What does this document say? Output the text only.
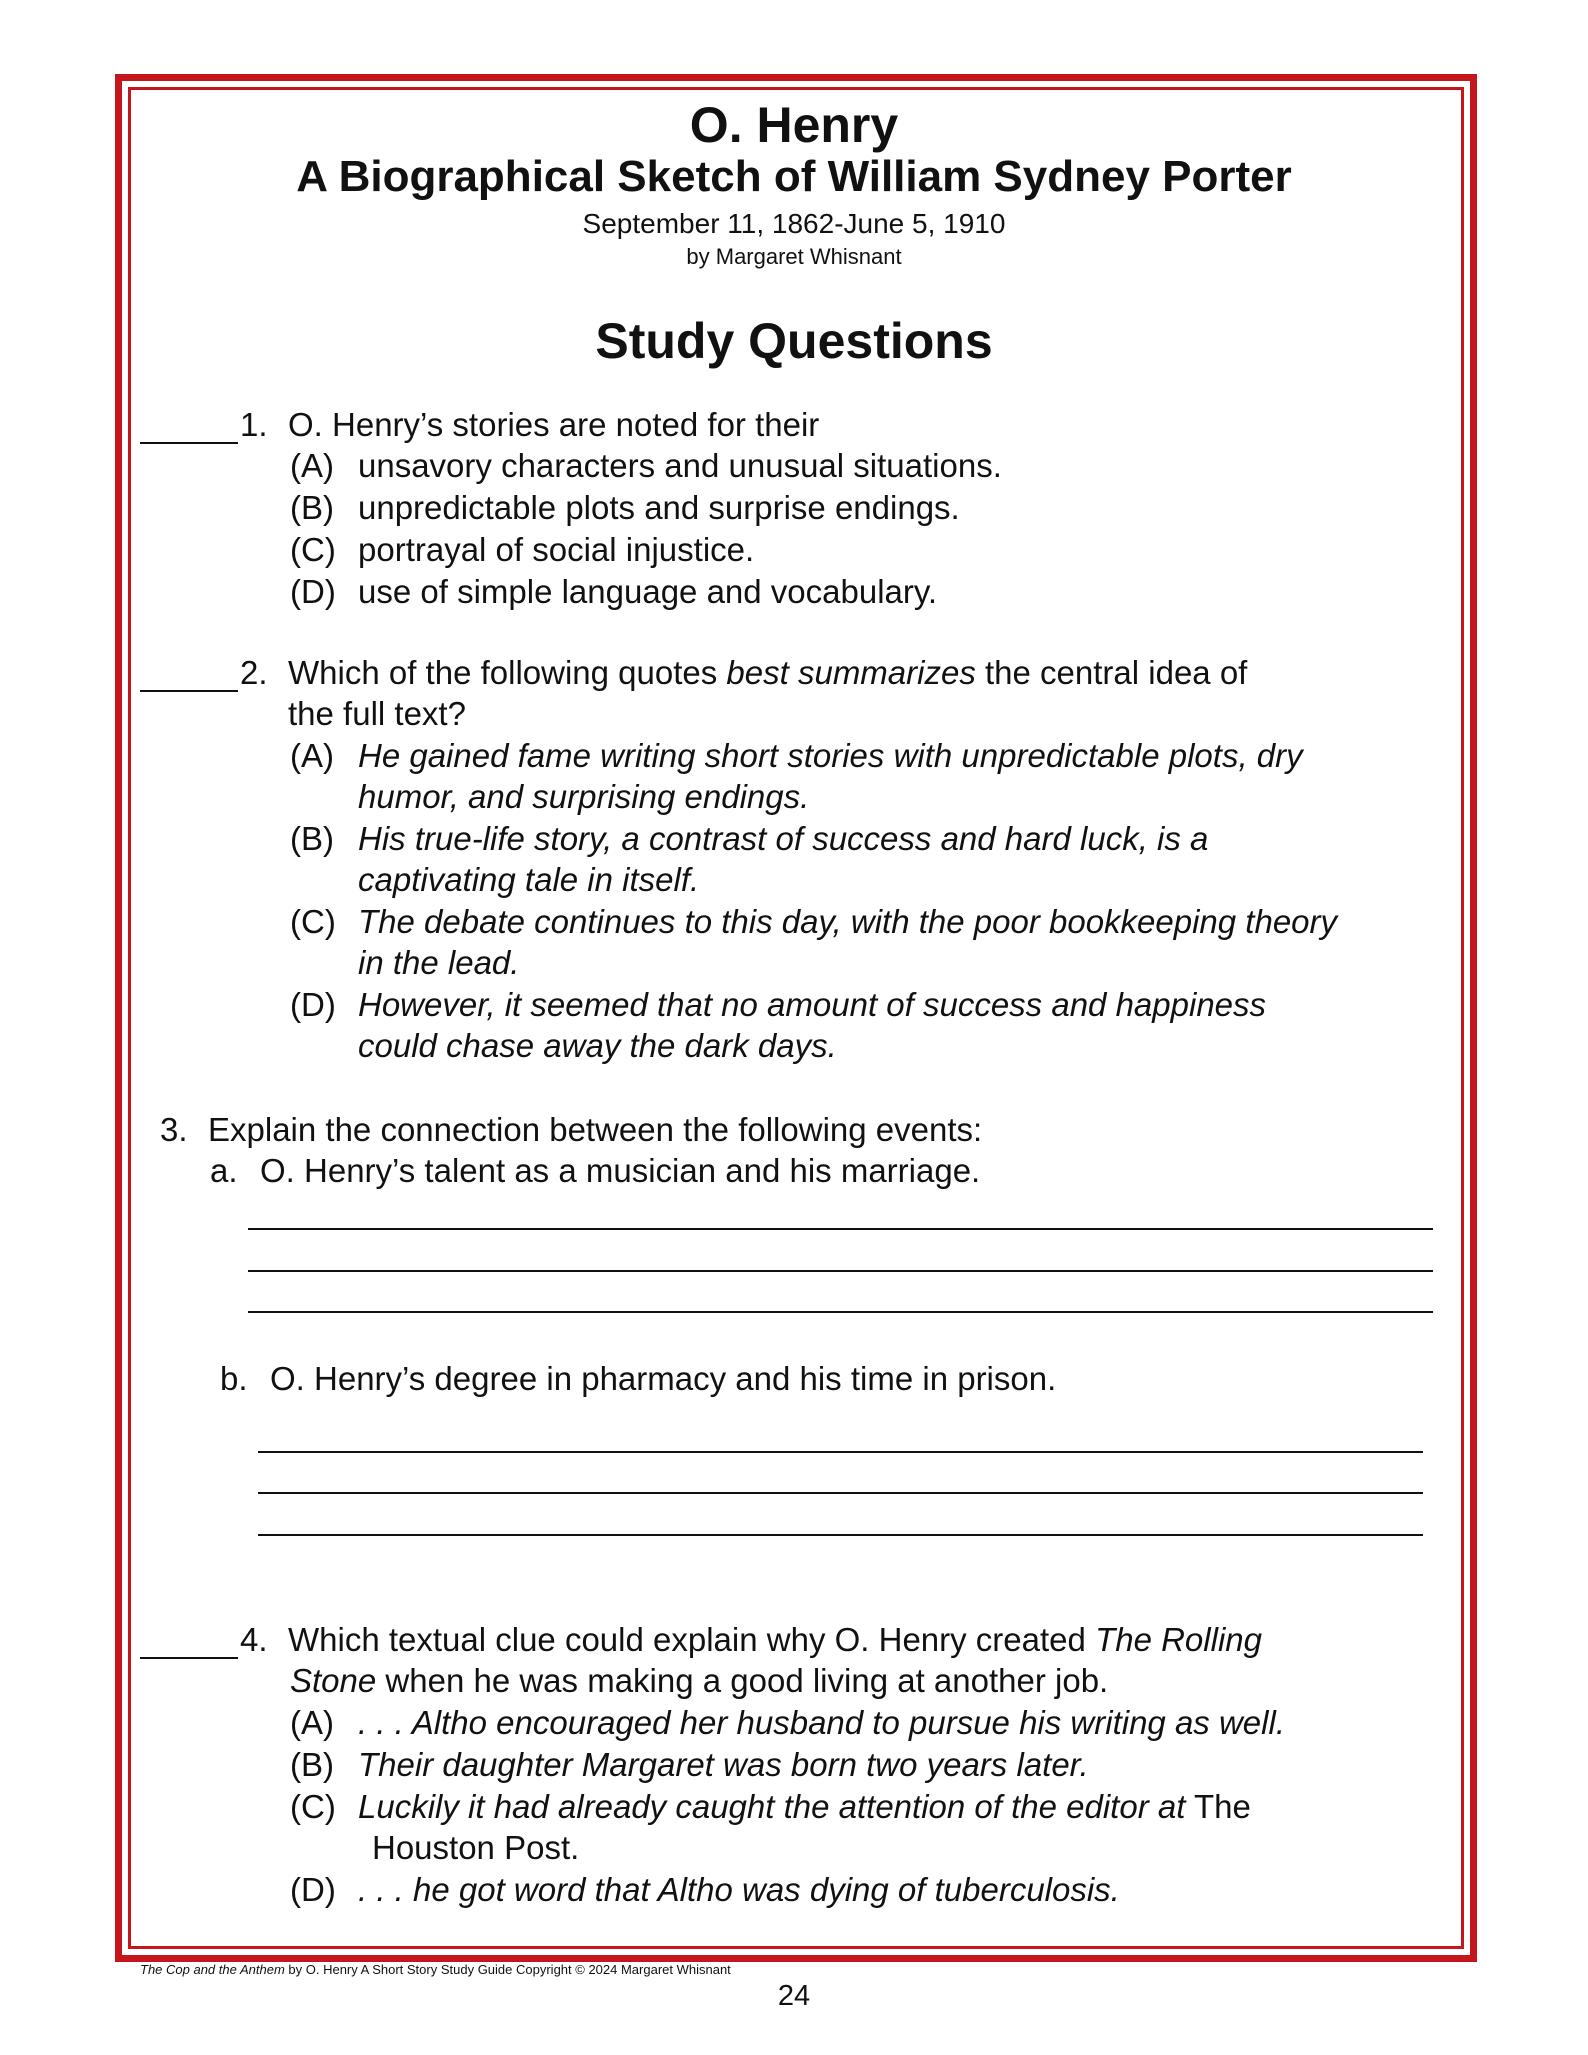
O. Henry
A Biographical Sketch of William Sydney Porter
September 11, 1862-June 5, 1910
by Margaret Whisnant
Study Questions
1. O. Henry’s stories are noted for their
(A) unsavory characters and unusual situations.
(B) unpredictable plots and surprise endings.
(C) portrayal of social injustice.
(D) use of simple language and vocabulary.
2. Which of the following quotes best summarizes the central idea of
the full text?
(A) He gained fame writing short stories with unpredictable plots, dry
humor, and surprising endings.
(B) His true-life story, a contrast of success and hard luck, is a
captivating tale in itself.
(C) The debate continues to this day, with the poor bookkeeping theory
in the lead.
(D) However, it seemed that no amount of success and happiness
could chase away the dark days.
3. Explain the connection between the following events:
a. O. Henry’s talent as a musician and his marriage.
b. O. Henry’s degree in pharmacy and his time in prison.
4. Which textual clue could explain why O. Henry created The Rolling
Stone when he was making a good living at another job.
(A) . . . Altho encouraged her husband to pursue his writing as well.
(B) Their daughter Margaret was born two years later.
(C) Luckily it had already caught the attention of the editor at The
Houston Post.
(D) . . . he got word that Altho was dying of tuberculosis.
The Cop and the Anthem by O. Henry A Short Story Study Guide Copyright © 2024 Margaret Whisnant
24
